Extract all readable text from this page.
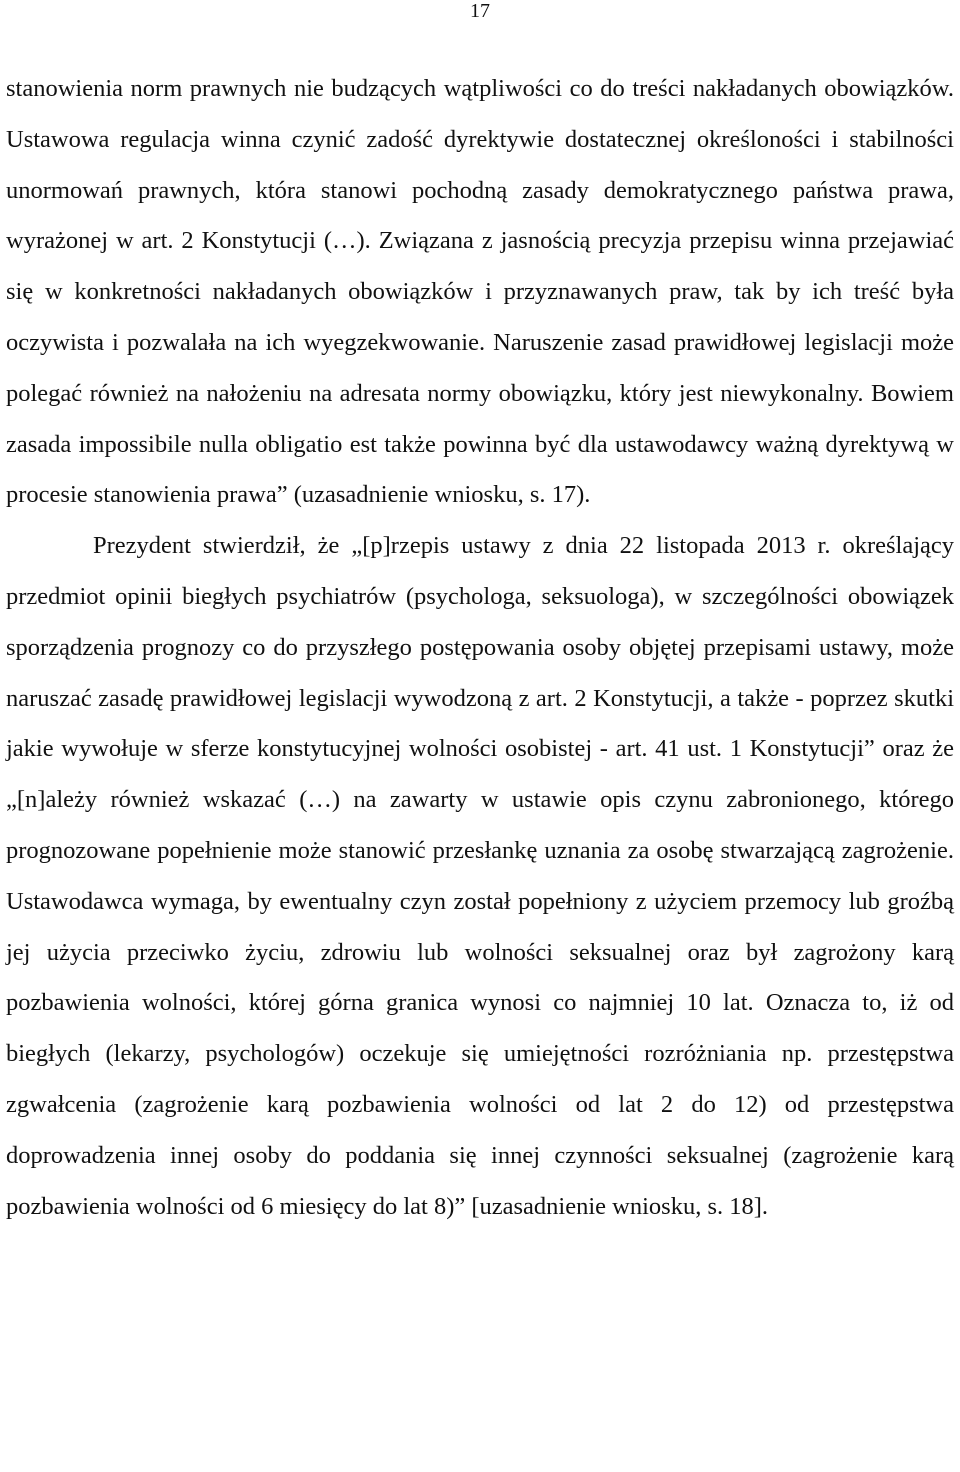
17

stanowienia norm prawnych nie budzących wątpliwości co do treści nakładanych obowiązków. Ustawowa regulacja winna czynić zadość dyrektywie dostatecznej określoności i stabilności unormowań prawnych, która stanowi pochodną zasady demokratycznego państwa prawa, wyrażonej w art. 2 Konstytucji (…). Związana z jasnością precyzja przepisu winna przejawiać się w konkretności nakładanych obowiązków i przyznawanych praw, tak by ich treść była oczywista i pozwalała na ich wyegzekwowanie. Naruszenie zasad prawidłowej legislacji może polegać również na nałożeniu na adresata normy obowiązku, który jest niewykonalny. Bowiem zasada impossibile nulla obligatio est także powinna być dla ustawodawcy ważną dyrektywą w procesie stanowienia prawa” (uzasadnienie wniosku, s. 17).

Prezydent stwierdził, że „[p]rzepis ustawy z dnia 22 listopada 2013 r. określający przedmiot opinii biegłych psychiatrów (psychologa, seksuologa), w szczególności obowiązek sporządzenia prognozy co do przyszłego postępowania osoby objętej przepisami ustawy, może naruszać zasadę prawidłowej legislacji wywodzoną z art. 2 Konstytucji, a także - poprzez skutki jakie wywołuje w sferze konstytucyjnej wolności osobistej - art. 41 ust. 1 Konstytucji” oraz że „[n]ależy również wskazać (…) na zawarty w ustawie opis czynu zabronionego, którego prognozowane popełnienie może stanowić przesłankę uznania za osobę stwarzającą zagrożenie. Ustawodawca wymaga, by ewentualny czyn został popełniony z użyciem przemocy lub groźbą jej użycia przeciwko życiu, zdrowiu lub wolności seksualnej oraz był zagrożony karą pozbawienia wolności, której górna granica wynosi co najmniej 10 lat. Oznacza to, iż od biegłych (lekarzy, psychologów) oczekuje się umiejętności rozróżniania np. przestępstwa zgwałcenia (zagrożenie karą pozbawienia wolności od lat 2 do 12) od przestępstwa doprowadzenia innej osoby do poddania się innej czynności seksualnej (zagrożenie karą pozbawienia wolności od 6 miesięcy do lat 8)” [uzasadnienie wniosku, s. 18].
